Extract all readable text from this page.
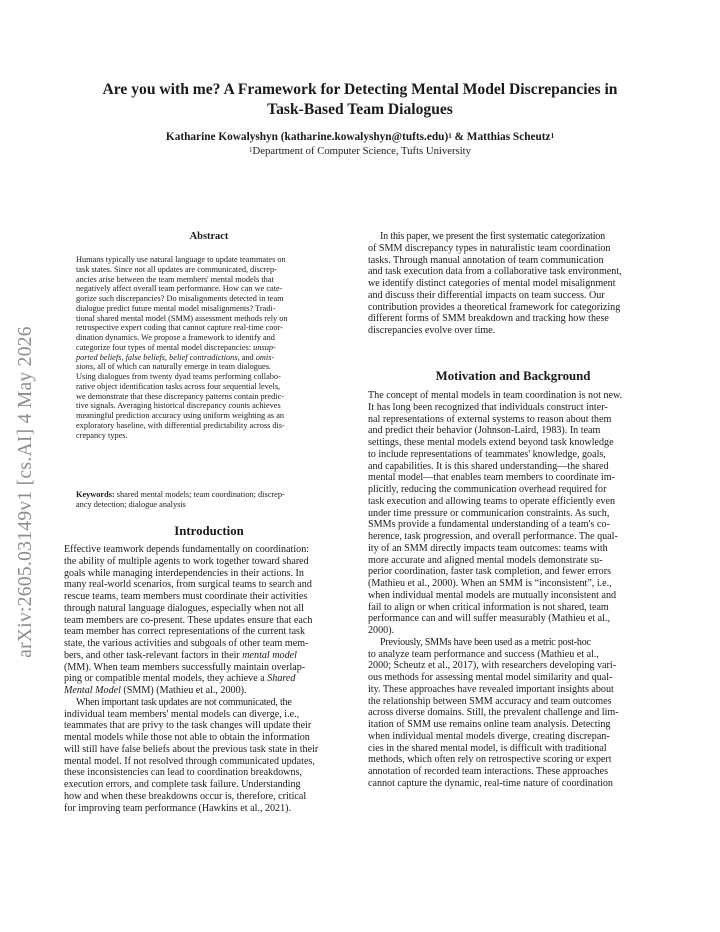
arXiv:2605.03149v1 [cs.AI] 4 May 2026
Are you with me? A Framework for Detecting Mental Model Discrepancies in
Task-Based Team Dialogues
Katharine Kowalyshyn (katharine.kowalyshyn@tufts.edu)$^1$ & Matthias Scheutz$^1$
$^1$Department of Computer Science, Tufts University
Abstract
Humans typically use natural language to update teammates on
task states. Since not all updates are communicated, discrep-
ancies arise between the team members' mental models that
negatively affect overall team performance. How can we cate-
gorize such discrepancies? Do misalignments detected in team
dialogue predict future mental model misalignments? Tradi-
tional shared mental model (SMM) assessment methods rely on
retrospective expert coding that cannot capture real-time coor-
dination dynamics. We propose a framework to identify and
categorize four types of mental model discrepancies: unsup-
ported beliefs, false beliefs, belief contradictions, and omis-
sions, all of which can naturally emerge in team dialogues.
Using dialogues from twenty dyad teams performing collabo-
rative object identification tasks across four sequential levels,
we demonstrate that these discrepancy patterns contain predic-
tive signals. Averaging historical discrepancy counts achieves
meaningful prediction accuracy using uniform weighting as an
exploratory baseline, with differential predictability across dis-
crepancy types.
Keywords: shared mental models; team coordination; discrep-
ancy detection; dialogue analysis
Introduction
Effective teamwork depends fundamentally on coordination:
the ability of multiple agents to work together toward shared
goals while managing interdependencies in their actions. In
many real-world scenarios, from surgical teams to search and
rescue teams, team members must coordinate their activities
through natural language dialogues, especially when not all
team members are co-present. These updates ensure that each
team member has correct representations of the current task
state, the various activities and subgoals of other team mem-
bers, and other task-relevant factors in their mental model
(MM). When team members successfully maintain overlap-
ping or compatible mental models, they achieve a Shared
Mental Model (SMM) (Mathieu et al., 2000).
When important task updates are not communicated, the
individual team members' mental models can diverge, i.e.,
teammates that are privy to the task changes will update their
mental models while those not able to obtain the information
will still have false beliefs about the previous task state in their
mental model. If not resolved through communicated updates,
these inconsistencies can lead to coordination breakdowns,
execution errors, and complete task failure. Understanding
how and when these breakdowns occur is, therefore, critical
for improving team performance (Hawkins et al., 2021).
In this paper, we present the first systematic categorization
of SMM discrepancy types in naturalistic team coordination
tasks. Through manual annotation of team communication
and task execution data from a collaborative task environment,
we identify distinct categories of mental model misalignment
and discuss their differential impacts on team success. Our
contribution provides a theoretical framework for categorizing
different forms of SMM breakdown and tracking how these
discrepancies evolve over time.
Motivation and Background
The concept of mental models in team coordination is not new.
It has long been recognized that individuals construct inter-
nal representations of external systems to reason about them
and predict their behavior (Johnson-Laird, 1983). In team
settings, these mental models extend beyond task knowledge
to include representations of teammates' knowledge, goals,
and capabilities. It is this shared understanding—the shared
mental model—that enables team members to coordinate im-
plicitly, reducing the communication overhead required for
task execution and allowing teams to operate efficiently even
under time pressure or communication constraints. As such,
SMMs provide a fundamental understanding of a team's co-
herence, task progression, and overall performance. The qual-
ity of an SMM directly impacts team outcomes: teams with
more accurate and aligned mental models demonstrate su-
perior coordination, faster task completion, and fewer errors
(Mathieu et al., 2000). When an SMM is “inconsistent”, i.e.,
when individual mental models are mutually inconsistent and
fail to align or when critical information is not shared, team
performance can and will suffer measurably (Mathieu et al.,
2000).
Previously, SMMs have been used as a metric post-hoc
to analyze team performance and success (Mathieu et al.,
2000; Scheutz et al., 2017), with researchers developing vari-
ous methods for assessing mental model similarity and qual-
ity. These approaches have revealed important insights about
the relationship between SMM accuracy and team outcomes
across diverse domains. Still, the prevalent challenge and lim-
itation of SMM use remains online team analysis. Detecting
when individual mental models diverge, creating discrepan-
cies in the shared mental model, is difficult with traditional
methods, which often rely on retrospective scoring or expert
annotation of recorded team interactions. These approaches
cannot capture the dynamic, real-time nature of coordination
